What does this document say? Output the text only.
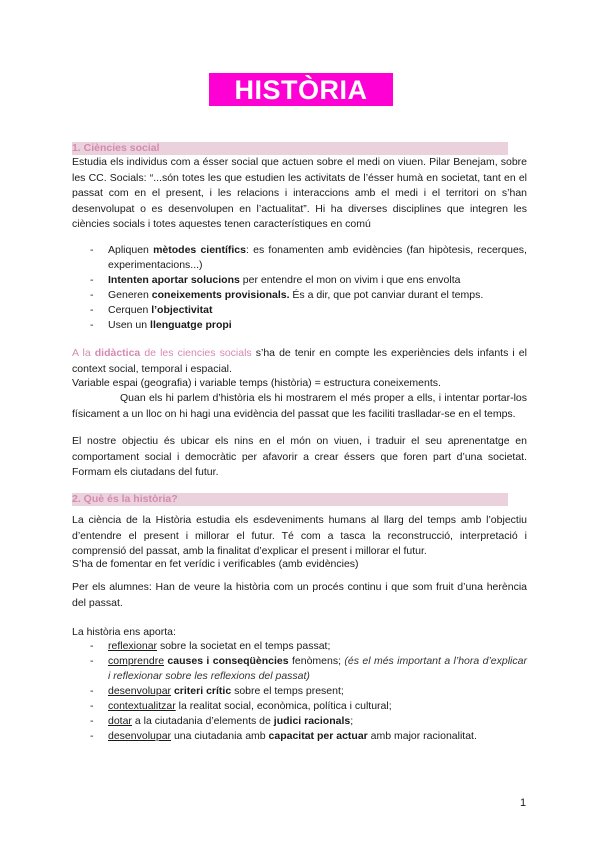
HISTÒRIA
1. Ciències social

Estudia els individus com a ésser social que actuen sobre el medi on viuen. Pilar Benejam, sobre les CC. Socials: “...són totes les que estudien les activitats de l’ésser humà en societat, tant en el passat com en el present, i les relacions i interaccions amb el medi i el territori on s’han desenvolupat o es desenvolupen en l’actualitat”. Hi ha diverses disciplines que integren les ciències socials i totes aquestes tenen característiques en comú

- Apliquen mètodes científics: es fonamenten amb evidències (fan hipòtesis, recerques, experimentacions...)
- Intenten aportar solucions per entendre el mon on vivim i que ens envolta
- Generen coneixements provisionals. És a dir, que pot canviar durant el temps.
- Cerquen l’objectivitat
- Usen un llenguatge propi

A la didàctica de les ciencies socials s’ha de tenir en compte les experiències dels infants i el context social, temporal i espacial.

Variable espai (geografia) i variable temps (història) = estructura coneixements.

Quan els hi parlem d’història els hi mostrarem el més proper a ells, i intentar portar-los físicament a un lloc on hi hagi una evidència del passat que les faciliti traslladar-se en el temps.

El nostre objectiu és ubicar els nins en el món on viuen, i traduir el seu aprenentatge en comportament social i democràtic per afavorir a crear éssers que foren part d’una societat. Formam els ciutadans del futur.

2. Què és la història?

La ciència de la Història estudia els esdeveniments humans al llarg del temps amb l’objectiu d’entendre el present i millorar el futur. Té com a tasca la reconstrucció, interpretació i comprensió del passat, amb la finalitat d’explicar el present i millorar el futur.

S’ha de fomentar en fet verídic i verificables (amb evidències)

Per els alumnes: Han de veure la història com un procés continu i que som fruit d’una herència del passat.

La història ens aporta:

- reflexionar sobre la societat en el temps passat;
- comprendre causes i conseqüències fenòmens; (és el més important a l’hora d’explicar i reflexionar sobre les reflexions del passat)
- desenvolupar criteri crític sobre el temps present;
- contextualitzar la realitat social, econòmica, política i cultural;
- dotar a la ciutadania d’elements de judici racionals;
- desenvolupar una ciutadania amb capacitat per actuar amb major racionalitat.
1
